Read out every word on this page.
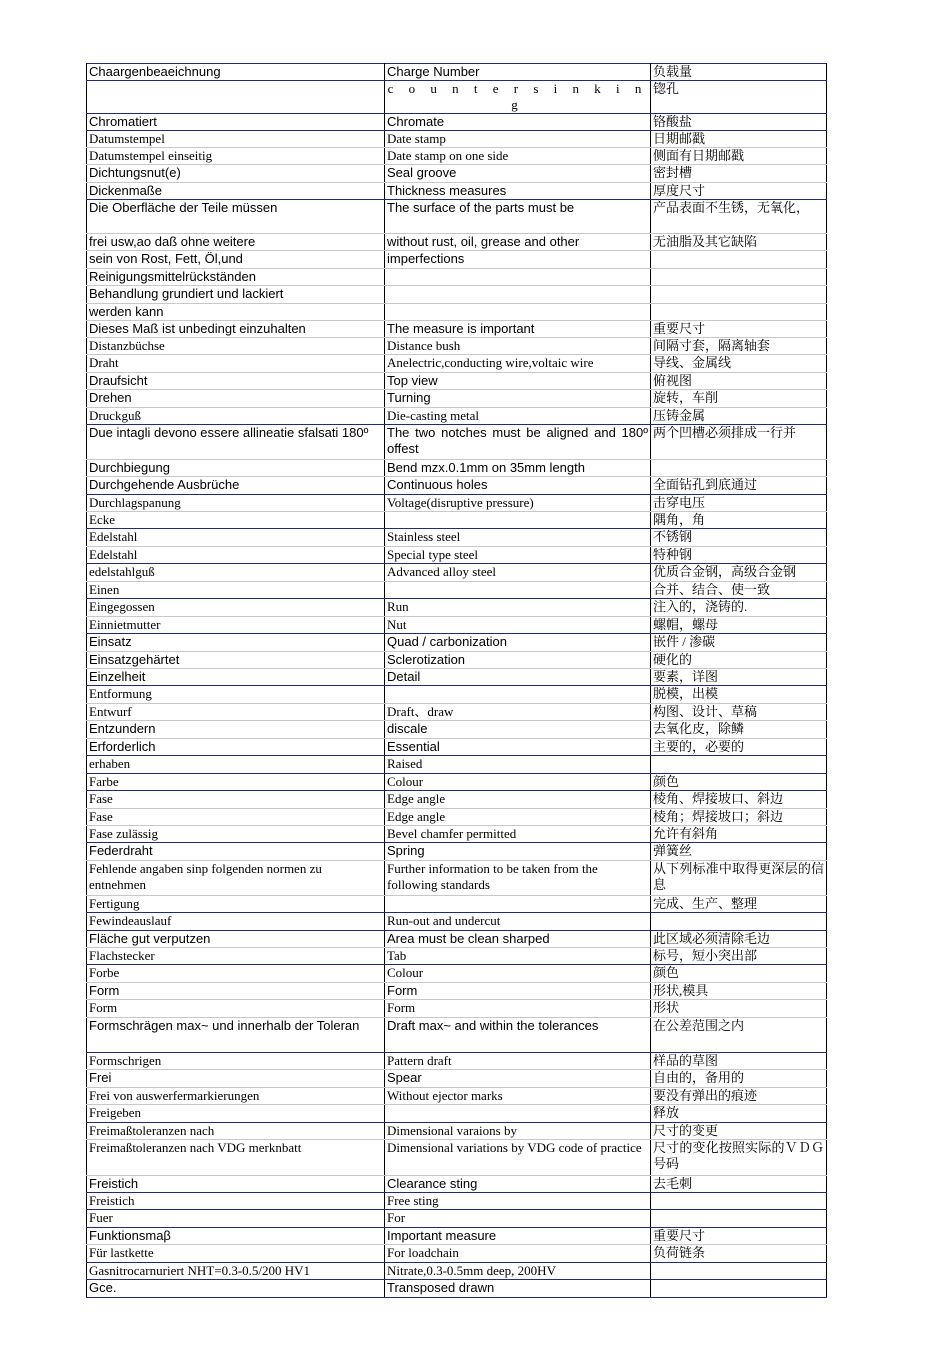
Chaargenbeaeichnung	Charge Number	负载量
	c o u n t e r s i n k i n g	锪孔
Chromatiert	Chromate	铬酸盐
Datumstempel	Date stamp	日期邮戳
Datumstempel einseitig	Date stamp on one side	侧面有日期邮戳
Dichtungsnut(e)	Seal groove	密封槽
Dickenmaße	Thickness measures	厚度尺寸
Die Oberfläche der Teile müssen	The surface of the parts must be	产品表面不生锈，无氧化，
frei usw,ao daß ohne weitere	without rust, oil, grease and other	无油脂及其它缺陷
sein von Rost, Fett, Öl,und	imperfections	
Reinigungsmittelrückständen		
Behandlung grundiert und lackiert		
werden kann		
Dieses Maß ist unbedingt einzuhalten	The measure is important	重要尺寸
Distanzbüchse	Distance bush	间隔寸套，隔离轴套
Draht	Anelectric,conducting wire,voltaic wire	导线、金属线
Draufsicht	Top view	俯视图
Drehen	Turning	旋转，车削
Druckguß	Die-casting metal	压铸金属
Due intagli devono essere allineatie sfalsati 180º	The two notches must be aligned and 180º offest	两个凹槽必须排成一行并
Durchbiegung	Bend mzx.0.1mm on 35mm length	
Durchgehende Ausbrüche	Continuous holes	全面钻孔到底通过
Durchlagspanung	Voltage(disruptive pressure)	击穿电压
Ecke		隅角，角
Edelstahl	Stainless steel	不锈钢
Edelstahl	Special type steel	特种钢
edelstahlguß	Advanced alloy steel	优质合金钢，高级合金钢
Einen		合并、结合、使一致
Eingegossen	Run	注入的，浇铸的.
Einnietmutter	Nut	螺帽，螺母
Einsatz	Quad / carbonization	嵌件 / 渗碳
Einsatzgehärtet	Sclerotization	硬化的
Einzelheit	Detail	要素，详图
Entformung		脱模，出模
Entwurf	Draft、draw	构图、设计、草稿
Entzundern	discale	去氧化皮，除鳞
Erforderlich	Essential	主要的，必要的
erhaben	Raised	
Farbe	Colour	颜色
Fase	Edge angle	棱角、焊接坡口、斜边
Fase	Edge angle	棱角；焊接坡口；斜边
Fase zulässig	Bevel chamfer permitted	允许有斜角
Federdraht	Spring	弹簧丝
Fehlende angaben sinp folgenden normen zu entnehmen	Further information to be taken from the following standards	从下列标准中取得更深层的信息
Fertigung		完成、生产、整理
Fewindeauslauf	Run-out and undercut	
Fläche gut verputzen	Area must be clean sharped	此区域必须清除毛边
Flachstecker	Tab	标号，短小突出部
Forbe	Colour	颜色
Form	Form	形状,模具
Form	Form	形状
Formschrägen max~ und innerhalb der Toleran	Draft max~ and within the tolerances	在公差范围之内
Formschrigen	Pattern draft	样品的草图
Frei	Spear	自由的，备用的
Frei von auswerfermarkierungen	Without ejector marks	要没有弹出的痕迹
Freigeben		释放
Freimaßtoleranzen nach	Dimensional varaions by	尺寸的变更
Freimaßtoleranzen nach VDG merknbatt	Dimensional variations by VDG code of practice	尺寸的变化按照实际的ＶＤＧ号码
Freistich	Clearance sting	去毛刺
Freistich	Free sting	
Fuer	For	
Funktionsmaβ	Important measure	重要尺寸
Für lastkette	For loadchain	负荷链条
Gasnitrocarnuriert NHT=0.3-0.5/200 HV1	Nitrate,0.3-0.5mm deep, 200HV	
Gce.	Transposed drawn	
